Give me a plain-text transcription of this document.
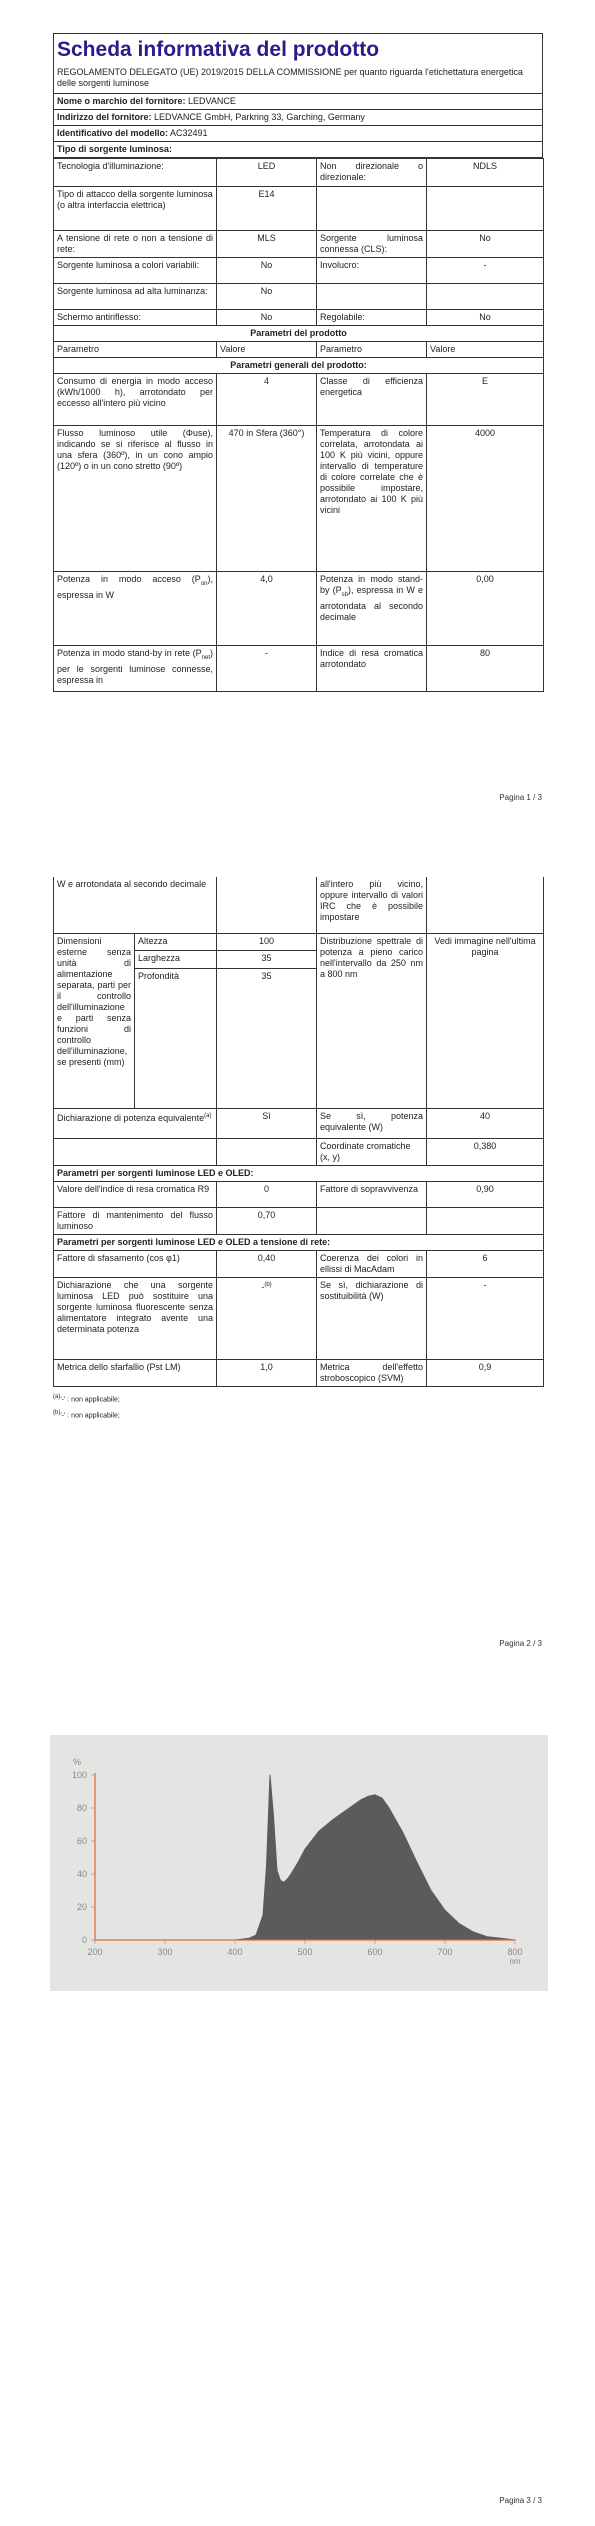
Scheda informativa del prodotto
REGOLAMENTO DELEGATO (UE) 2019/2015 DELLA COMMISSIONE per quanto riguarda l'etichettatura energetica delle sorgenti luminose
Nome o marchio del fornitore: LEDVANCE
Indirizzo del fornitore: LEDVANCE GmbH, Parkring 33, Garching, Germany
Identificativo del modello: AC32491
Tipo di sorgente luminosa:
Tecnologia d'illuminazione:	LED	Non direzionale o direzionale:	NDLS
Tipo di attacco della sorgente luminosa
(o altra interfaccia elettrica)	E14		
A tensione di rete o non a tensione di rete:	MLS	Sorgente luminosa connessa (CLS):	No
Sorgente luminosa a colori variabili:	No	Involucro:	-
Sorgente luminosa ad alta luminanza:	No		
Schermo antiriflesso:	No	Regolabile:	No
Parametri del prodotto			
Parametro	Valore	Parametro	Valore
Parametri generali del prodotto:			
Consumo di energia in modo acceso (kWh/1000 h), arrotondato per eccesso all'intero più vicino	4	Classe di efficienza energetica	E
Flusso luminoso utile (Φuse), indicando se si riferisce al flusso in una sfera (360º), in un cono ampio (120º) o in un cono stretto (90º)	470 in Sfera (360°)	Temperatura di colore correlata, arrotondata ai 100 K più vicini, oppure intervallo di temperature di colore correlate che è possibile impostare, arrotondato ai 100 K più vicini	4000
Potenza in modo acceso $(P_{on})$, espressa in W	4,0	Potenza in modo stand-by $(P_{sb})$, espressa in W e arrotondata al secondo decimale	0,00
Potenza in modo stand-by in rete $(P_{net})$ per le sorgenti luminose connesse, espressa in	-	Indice di resa cromatica arrotondato	80
Pagina 1 / 3
W e arrotondata al secondo decimale			all'intero più vicino, oppure intervallo di valori IRC che è possibile impostare	
Dimensioni esterne senza unità di alimentazione separata, parti per il controllo dell'illuminazione e parti senza funzioni di controllo dell'illuminazione, se presenti (mm)	Altezza	100	Distribuzione spettrale di potenza a pieno carico nell'intervallo da 250 nm a 800 nm	Vedi immagine nell'ultima pagina
	Larghezza	35		
	Profondità	35		
Dichiarazione di potenza equivalente$^{(a)}$		Sì	Se sì, potenza equivalente (W)	40
			Coordinate cromatiche (x, y)	0,380
Parametri per sorgenti luminose LED e OLED:				
Valore dell'indice di resa cromatica R9		0	Fattore di sopravvivenza	0,90
Fattore di mantenimento del flusso luminoso		0,70		
Parametri per sorgenti luminose LED e OLED a tensione di rete:				
Fattore di sfasamento (cos φ1)		0,40	Coerenza dei colori in ellissi di MacAdam	6
Dichiarazione che una sorgente luminosa LED può sostituire una sorgente luminosa fluorescente senza alimentatore integrato avente una determinata potenza		-$^{(b)}$	Se sì, dichiarazione di sostituibilità (W)	-
Metrica dello sfarfallio (Pst LM)		1,0	Metrica dell'effetto stroboscopico (SVM)	0,9
$^{(a)}$'-' : non applicabile;
$^{(b)}$'-' : non applicabile;
Pagina 2 / 3
0
20
40
60
80
100
%
200	300	400	500	600	700	800
nm
Pagina 3 / 3
